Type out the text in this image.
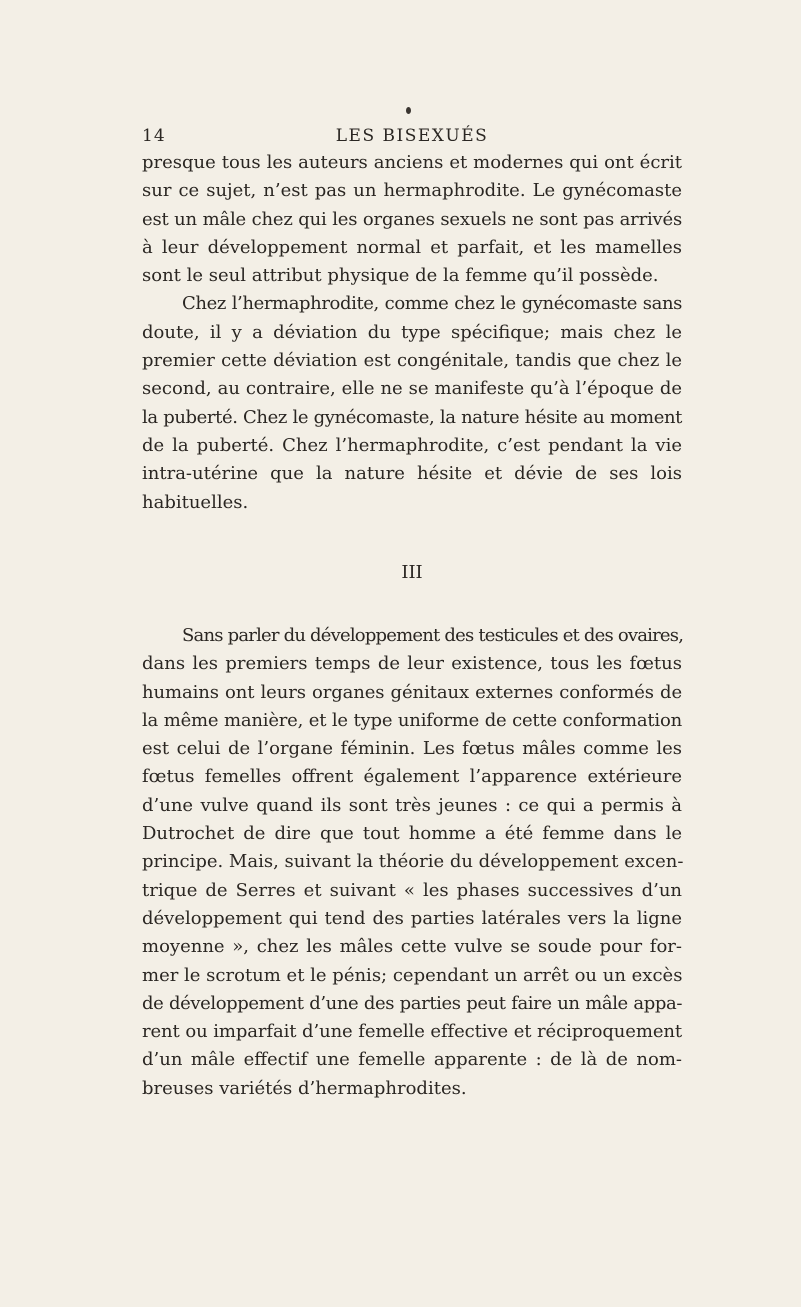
14	LES BISEXUÉS
presque tous les auteurs anciens et modernes qui ont écrit
sur ce sujet, n’est pas un hermaphrodite. Le gynécomaste
est un mâle chez qui les organes sexuels ne sont pas arrivés
à leur développement normal et parfait, et les mamelles
sont le seul attribut physique de la femme qu’il possède.
Chez l’hermaphrodite, comme chez le gynécomaste sans
doute, il y a déviation du type spécifique; mais chez le
premier cette déviation est congénitale, tandis que chez le
second, au contraire, elle ne se manifeste qu’à l’époque de
la puberté. Chez le gynécomaste, la nature hésite au moment
de la puberté. Chez l’hermaphrodite, c’est pendant la vie
intra-utérine que la nature hésite et dévie de ses lois
habituelles.
III
Sans parler du développement des testicules et des ovaires,
dans les premiers temps de leur existence, tous les fœtus
humains ont leurs organes génitaux externes conformés de
la même manière, et le type uniforme de cette conformation
est celui de l’organe féminin. Les fœtus mâles comme les
fœtus femelles offrent également l’apparence extérieure
d’une vulve quand ils sont très jeunes : ce qui a permis à
Dutrochet de dire que tout homme a été femme dans le
principe. Mais, suivant la théorie du développement excen-
trique de Serres et suivant « les phases successives d’un
développement qui tend des parties latérales vers la ligne
moyenne », chez les mâles cette vulve se soude pour for-
mer le scrotum et le pénis; cependant un arrêt ou un excès
de développement d’une des parties peut faire un mâle appa-
rent ou imparfait d’une femelle effective et réciproquement
d’un mâle effectif une femelle apparente : de là de nom-
breuses variétés d’hermaphrodites.
